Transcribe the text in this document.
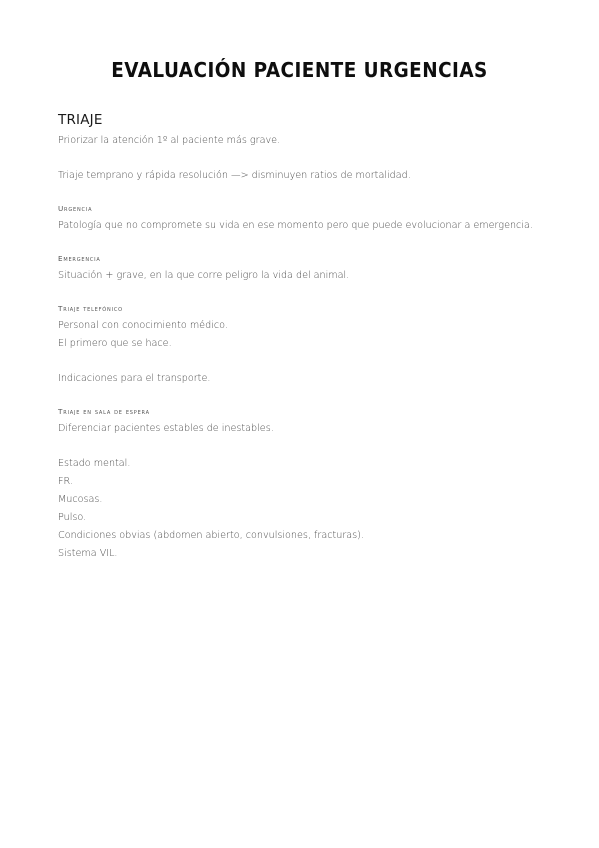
EVALUACIÓN PACIENTE URGENCIAS
TRIAJE

Priorizar la atención 1º al paciente más grave.

Triaje temprano y rápida resolución —> disminuyen ratios de mortalidad.

Urgencia

Patología que no compromete su vida en ese momento pero que puede evolucionar a emergencia.

Emergencia

Situación + grave, en la que corre peligro la vida del animal.

Triaje telefónico

Personal con conocimiento médico.

El primero que se hace.

Indicaciones para el transporte.

Triaje en sala de espera

Diferenciar pacientes estables de inestables.

Estado mental.

FR.

Mucosas.

Pulso.

Condiciones obvias (abdomen abierto, convulsiones, fracturas).

Sistema VIL.
